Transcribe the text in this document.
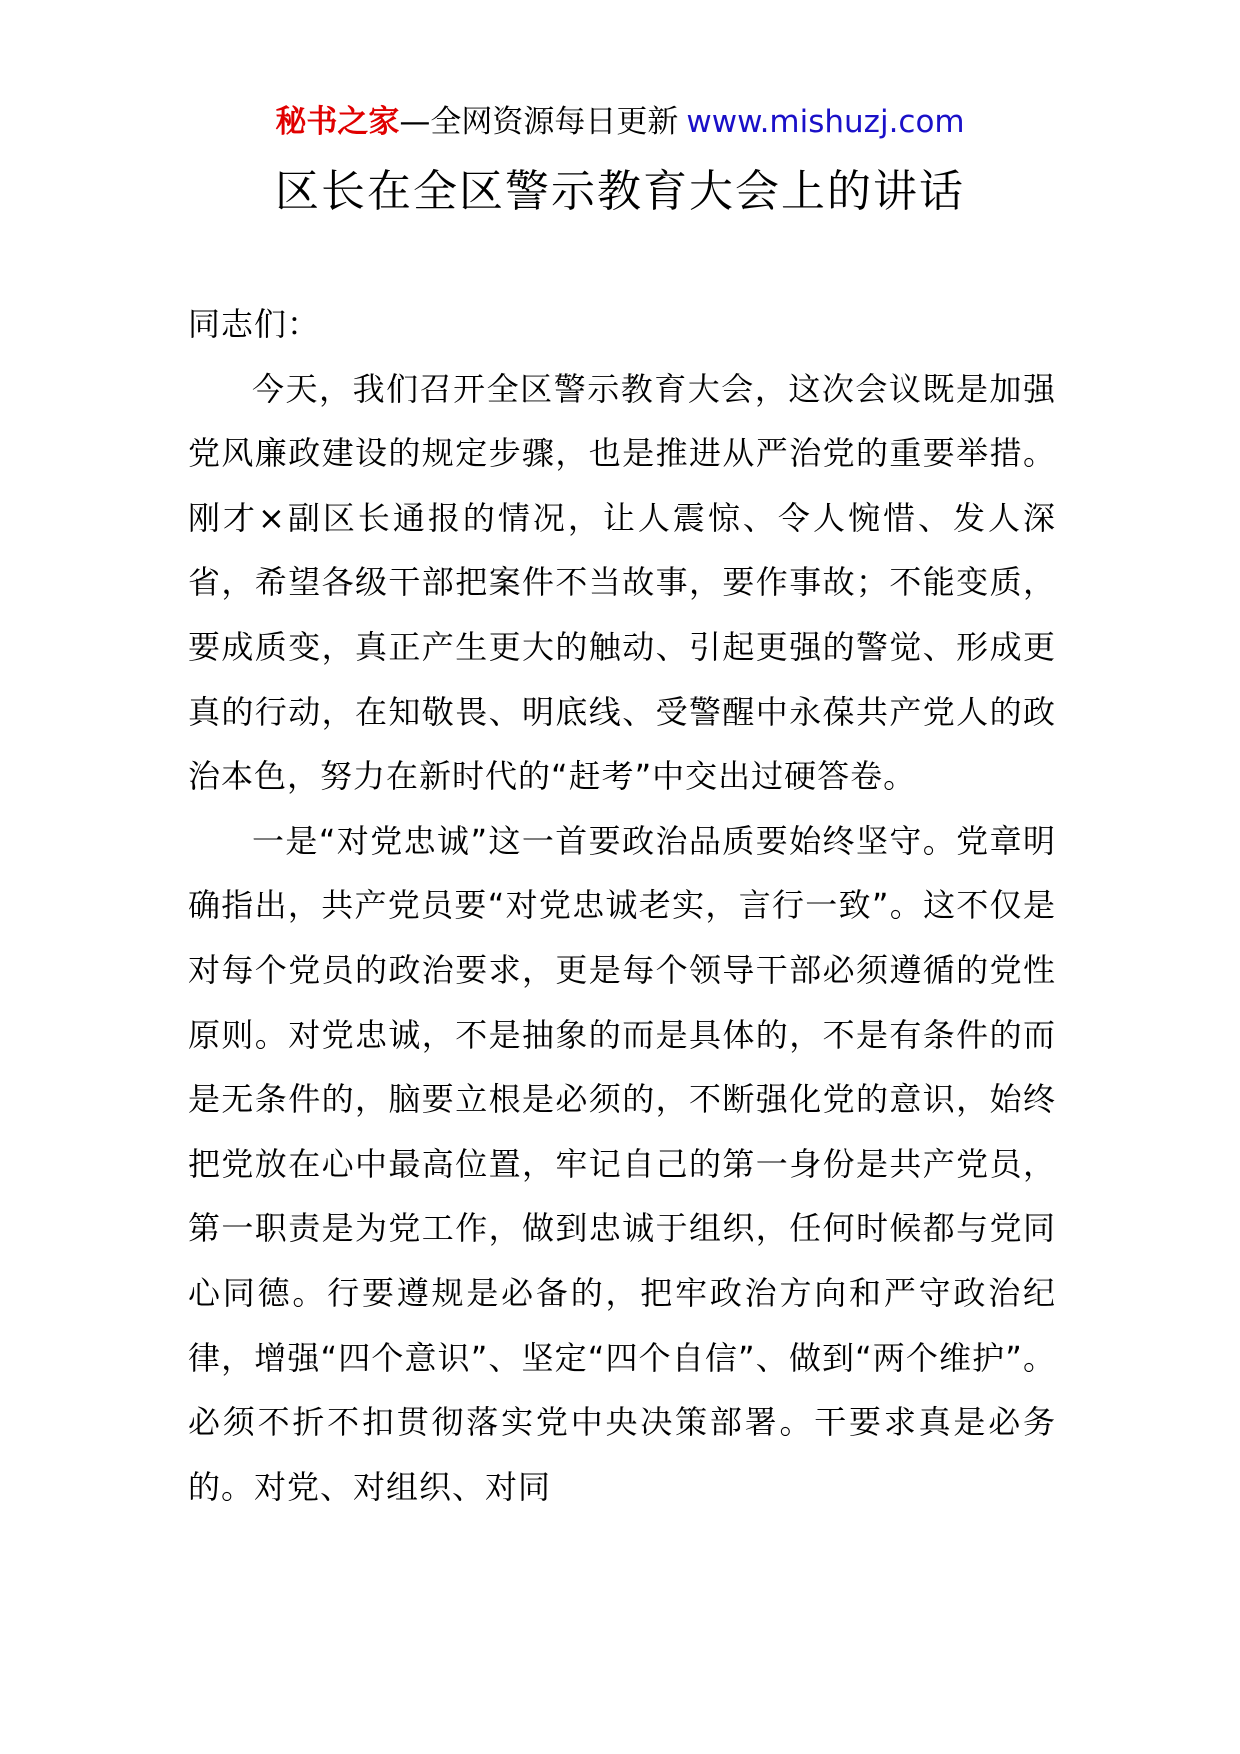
秘书之家—全网资源每日更新 www.mishuzj.com
区长在全区警示教育大会上的讲话

同志们：

今天，我们召开全区警示教育大会，这次会议既是加强党风廉政建设的规定步骤，也是推进从严治党的重要举措。刚才×副区长通报的情况，让人震惊、令人惋惜、发人深省，希望各级干部把案件不当故事，要作事故；不能变质，要成质变，真正产生更大的触动、引起更强的警觉、形成更真的行动，在知敬畏、明底线、受警醒中永葆共产党人的政治本色，努力在新时代的“赶考”中交出过硬答卷。

一是“对党忠诚”这一首要政治品质要始终坚守。党章明确指出，共产党员要“对党忠诚老实，言行一致”。这不仅是对每个党员的政治要求，更是每个领导干部必须遵循的党性原则。对党忠诚，不是抽象的而是具体的，不是有条件的而是无条件的，脑要立根是必须的，不断强化党的意识，始终把党放在心中最高位置，牢记自己的第一身份是共产党员，第一职责是为党工作，做到忠诚于组织，任何时候都与党同心同德。行要遵规是必备的，把牢政治方向和严守政治纪律，增强“四个意识”、坚定“四个自信”、做到“两个维护”。必须不折不扣贯彻落实党中央决策部署。干要求真是必务的。对党、对组织、对同
